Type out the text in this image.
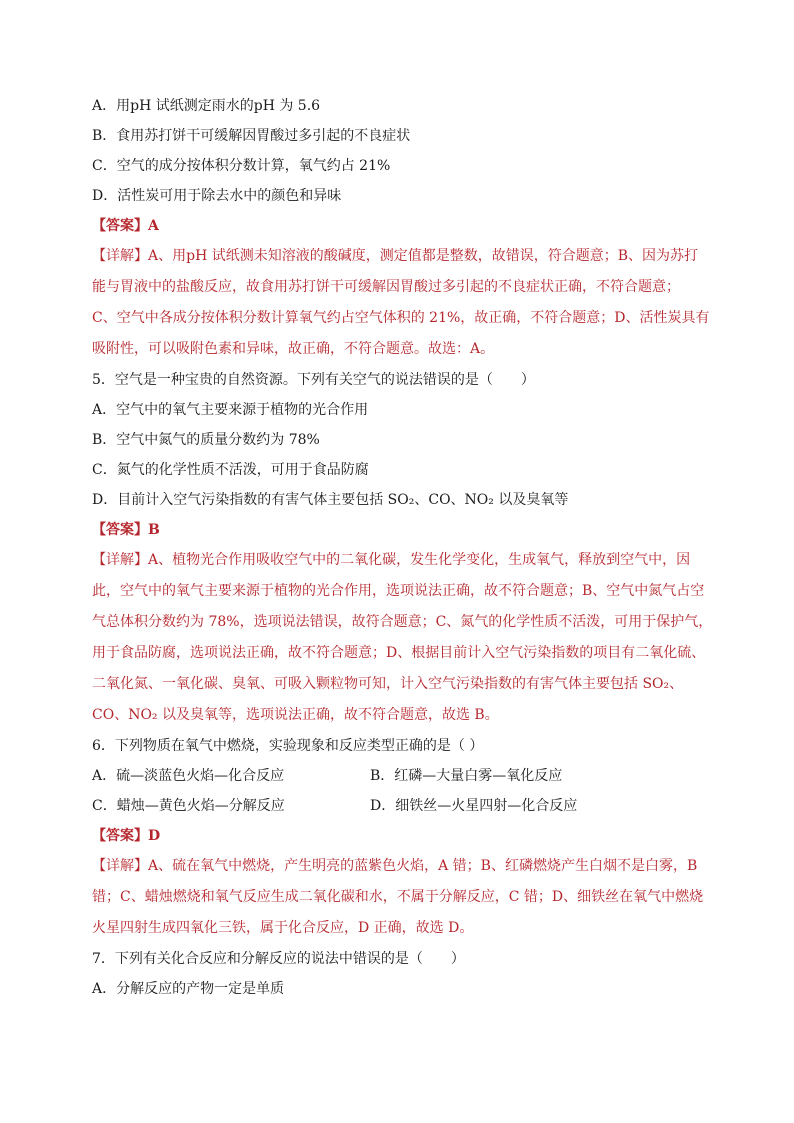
A．用pH 试纸测定雨水的pH 为 5.6

B．食用苏打饼干可缓解因胃酸过多引起的不良症状

C．空气的成分按体积分数计算，氧气约占 21%

D．活性炭可用于除去水中的颜色和异味

【答案】A

【详解】A、用pH 试纸测未知溶液的酸碱度，测定值都是整数，故错误，符合题意；B、因为苏打
能与胃液中的盐酸反应，故食用苏打饼干可缓解因胃酸过多引起的不良症状正确，不符合题意；
C、空气中各成分按体积分数计算氧气约占空气体积的 21%，故正确，不符合题意；D、活性炭具有
吸附性，可以吸附色素和异味，故正确，不符合题意。故选：A。

5．空气是一种宝贵的自然资源。下列有关空气的说法错误的是（　　）

A．空气中的氧气主要来源于植物的光合作用

B．空气中氮气的质量分数约为 78%

C．氮气的化学性质不活泼，可用于食品防腐

D．目前计入空气污染指数的有害气体主要包括 SO₂、CO、NO₂ 以及臭氧等

【答案】B

【详解】A、植物光合作用吸收空气中的二氧化碳，发生化学变化，生成氧气，释放到空气中，因
此，空气中的氧气主要来源于植物的光合作用，选项说法正确，故不符合题意；B、空气中氮气占空
气总体积分数约为 78%，选项说法错误，故符合题意；C、氮气的化学性质不活泼，可用于保护气，
用于食品防腐，选项说法正确，故不符合题意；D、根据目前计入空气污染指数的项目有二氧化硫、
二氧化氮、一氧化碳、臭氧、可吸入颗粒物可知，计入空气污染指数的有害气体主要包括 SO₂、
CO、NO₂ 以及臭氧等，选项说法正确，故不符合题意，故选 B。

6．下列物质在氧气中燃烧，实验现象和反应类型正确的是（ ）

A．硫—淡蓝色火焰—化合反应	B．红磷—大量白雾—氧化反应
C．蜡烛—黄色火焰—分解反应	D．细铁丝—火星四射—化合反应

【答案】D

【详解】A、硫在氧气中燃烧，产生明亮的蓝紫色火焰，A 错；B、红磷燃烧产生白烟不是白雾，B
错；C、蜡烛燃烧和氧气反应生成二氧化碳和水，不属于分解反应，C 错；D、细铁丝在氧气中燃烧
火星四射生成四氧化三铁，属于化合反应，D 正确，故选 D。

7．下列有关化合反应和分解反应的说法中错误的是（　　）

A．分解反应的产物一定是单质
